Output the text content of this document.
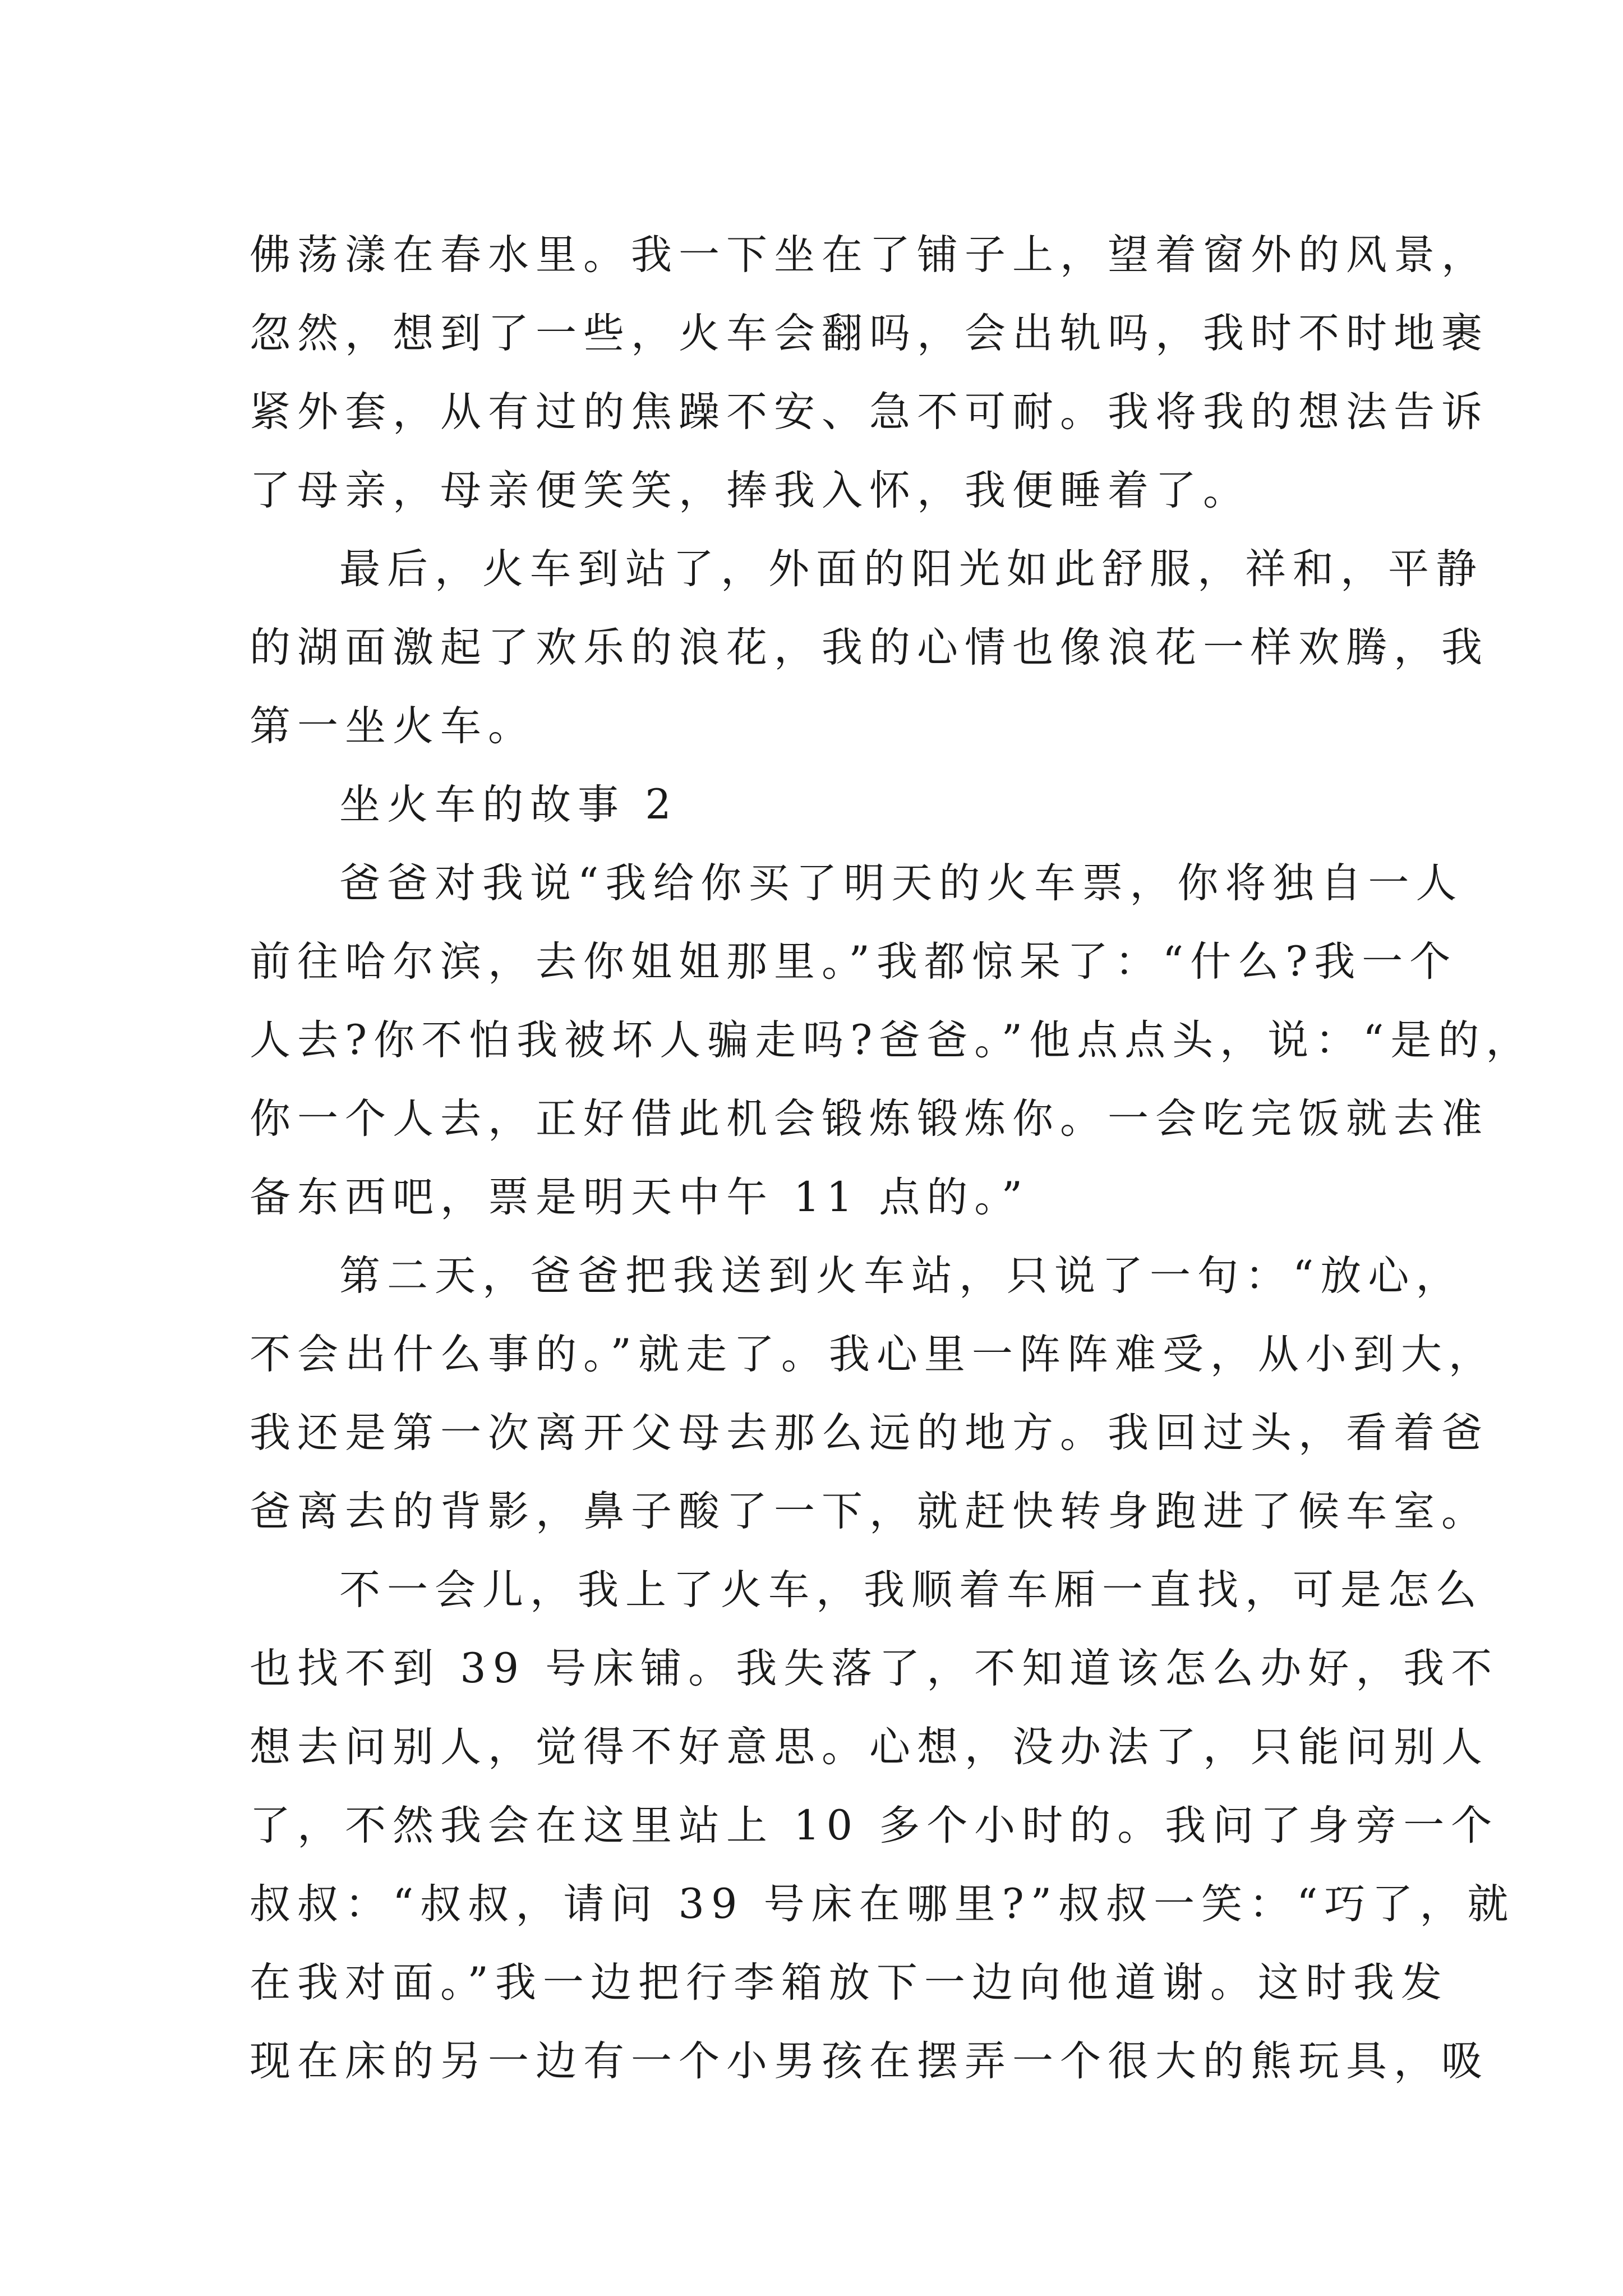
佛荡漾在春水里。我一下坐在了铺子上，望着窗外的风景，
忽然，想到了一些，火车会翻吗，会出轨吗，我时不时地裹
紧外套，从有过的焦躁不安、急不可耐。我将我的想法告诉
了母亲，母亲便笑笑，捧我入怀，我便睡着了。
最后，火车到站了，外面的阳光如此舒服，祥和，平静
的湖面激起了欢乐的浪花，我的心情也像浪花一样欢腾，我
第一坐火车。
坐火车的故事 2
爸爸对我说“我给你买了明天的火车票，你将独自一人
前往哈尔滨，去你姐姐那里。”我都惊呆了：“什么?我一个
人去?你不怕我被坏人骗走吗?爸爸。”他点点头，说：“是的，
你一个人去，正好借此机会锻炼锻炼你。一会吃完饭就去准
备东西吧，票是明天中午 11 点的。”
第二天，爸爸把我送到火车站，只说了一句：“放心，
不会出什么事的。”就走了。我心里一阵阵难受，从小到大，
我还是第一次离开父母去那么远的地方。我回过头，看着爸
爸离去的背影，鼻子酸了一下，就赶快转身跑进了候车室。
不一会儿，我上了火车，我顺着车厢一直找，可是怎么
也找不到 39 号床铺。我失落了，不知道该怎么办好，我不
想去问别人，觉得不好意思。心想，没办法了，只能问别人
了，不然我会在这里站上 10 多个小时的。我问了身旁一个
叔叔：“叔叔，请问 39 号床在哪里?”叔叔一笑：“巧了，就
在我对面。”我一边把行李箱放下一边向他道谢。这时我发
现在床的另一边有一个小男孩在摆弄一个很大的熊玩具，吸
